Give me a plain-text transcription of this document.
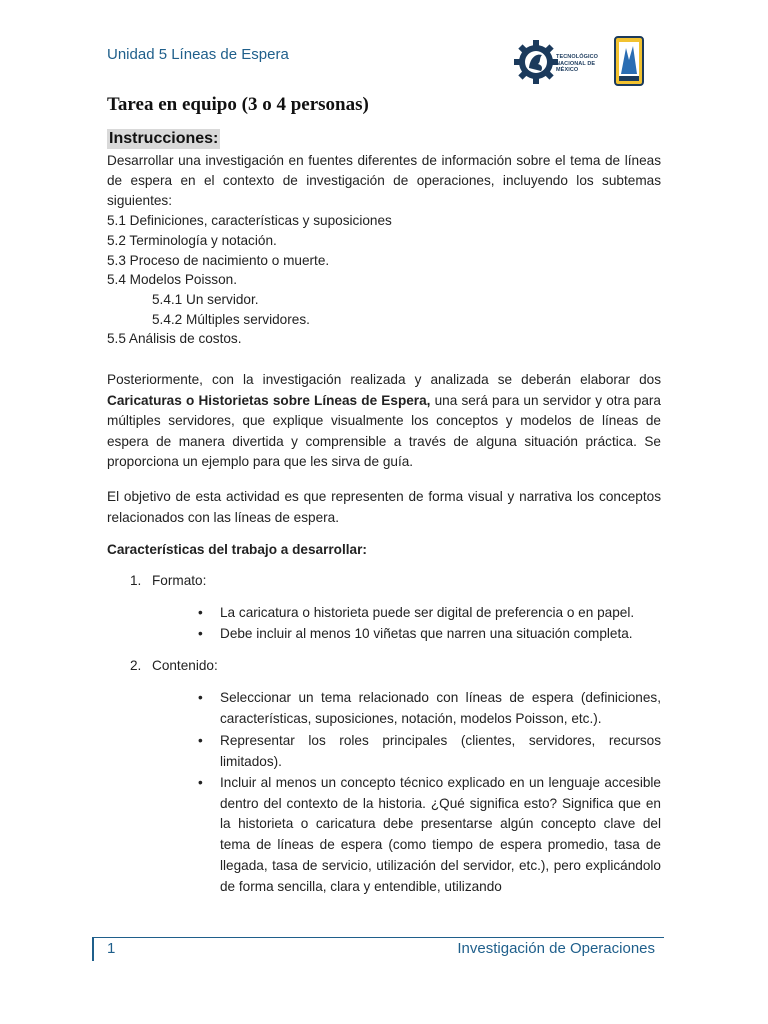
Unidad 5 Líneas de Espera	TECNOLÓGICO NACIONAL DE MÉXICO
Tarea en equipo (3 o 4 personas)
Instrucciones:

Desarrollar una investigación en fuentes diferentes de información sobre el tema de líneas de espera en el contexto de investigación de operaciones, incluyendo los subtemas siguientes:

5.1 Definiciones, características y suposiciones
5.2 Terminología y notación.
5.3 Proceso de nacimiento o muerte.
5.4 Modelos Poisson.
5.4.1 Un servidor.
5.4.2 Múltiples servidores.
5.5 Análisis de costos.

Posteriormente, con la investigación realizada y analizada se deberán elaborar dos Caricaturas o Historietas sobre Líneas de Espera, una será para un servidor y otra para múltiples servidores, que explique visualmente los conceptos y modelos de líneas de espera de manera divertida y comprensible a través de alguna situación práctica. Se proporciona un ejemplo para que les sirva de guía.

El objetivo de esta actividad es que representen de forma visual y narrativa los conceptos relacionados con las líneas de espera.

Características del trabajo a desarrollar:
1. Formato:
• La caricatura o historieta puede ser digital de preferencia o en papel.

• Debe incluir al menos 10 viñetas que narren una situación completa.

2. Contenido:
• Seleccionar un tema relacionado con líneas de espera (definiciones, características, suposiciones, notación, modelos Poisson, etc.).

• Representar los roles principales (clientes, servidores, recursos limitados).

• Incluir al menos un concepto técnico explicado en un lenguaje accesible dentro del contexto de la historia. ¿Qué significa esto? Significa que en la historieta o caricatura debe presentarse algún concepto clave del tema de líneas de espera (como tiempo de espera promedio, tasa de llegada, tasa de servicio, utilización del servidor, etc.), pero explicándolo de forma sencilla, clara y entendible, utilizando

1	Investigación de Operaciones
